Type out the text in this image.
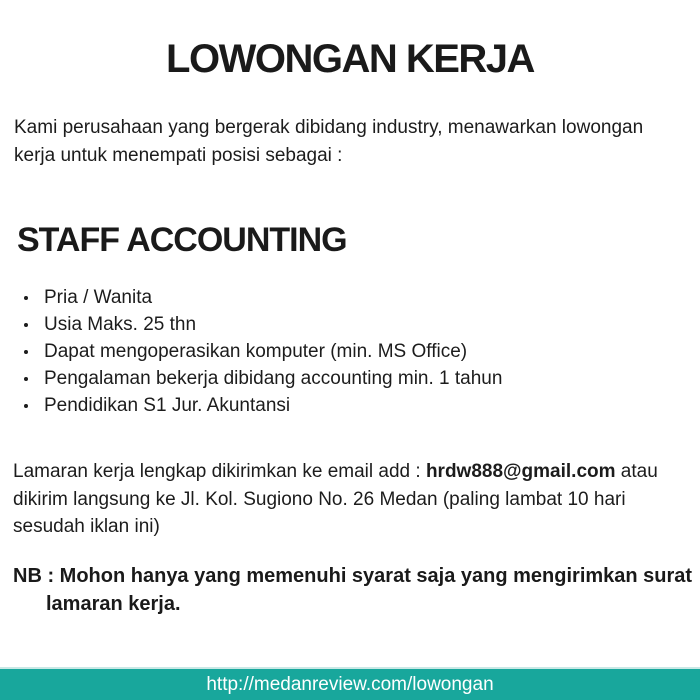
LOWONGAN KERJA

Kami perusahaan yang bergerak dibidang industry, menawarkan lowongan kerja untuk menempati posisi sebagai :

STAFF ACCOUNTING
Pria / Wanita
Usia Maks. 25 thn
Dapat mengoperasikan komputer (min. MS Office)
Pengalaman bekerja dibidang accounting min. 1 tahun
Pendidikan S1 Jur. Akuntansi

Lamaran kerja lengkap dikirimkan ke email add : hrdw888@gmail.com atau dikirim langsung ke Jl. Kol. Sugiono No. 26 Medan (paling lambat 10 hari sesudah iklan ini)

NB : Mohon hanya yang memenuhi syarat saja yang mengirimkan surat lamaran kerja.

http://medanreview.com/lowongan
